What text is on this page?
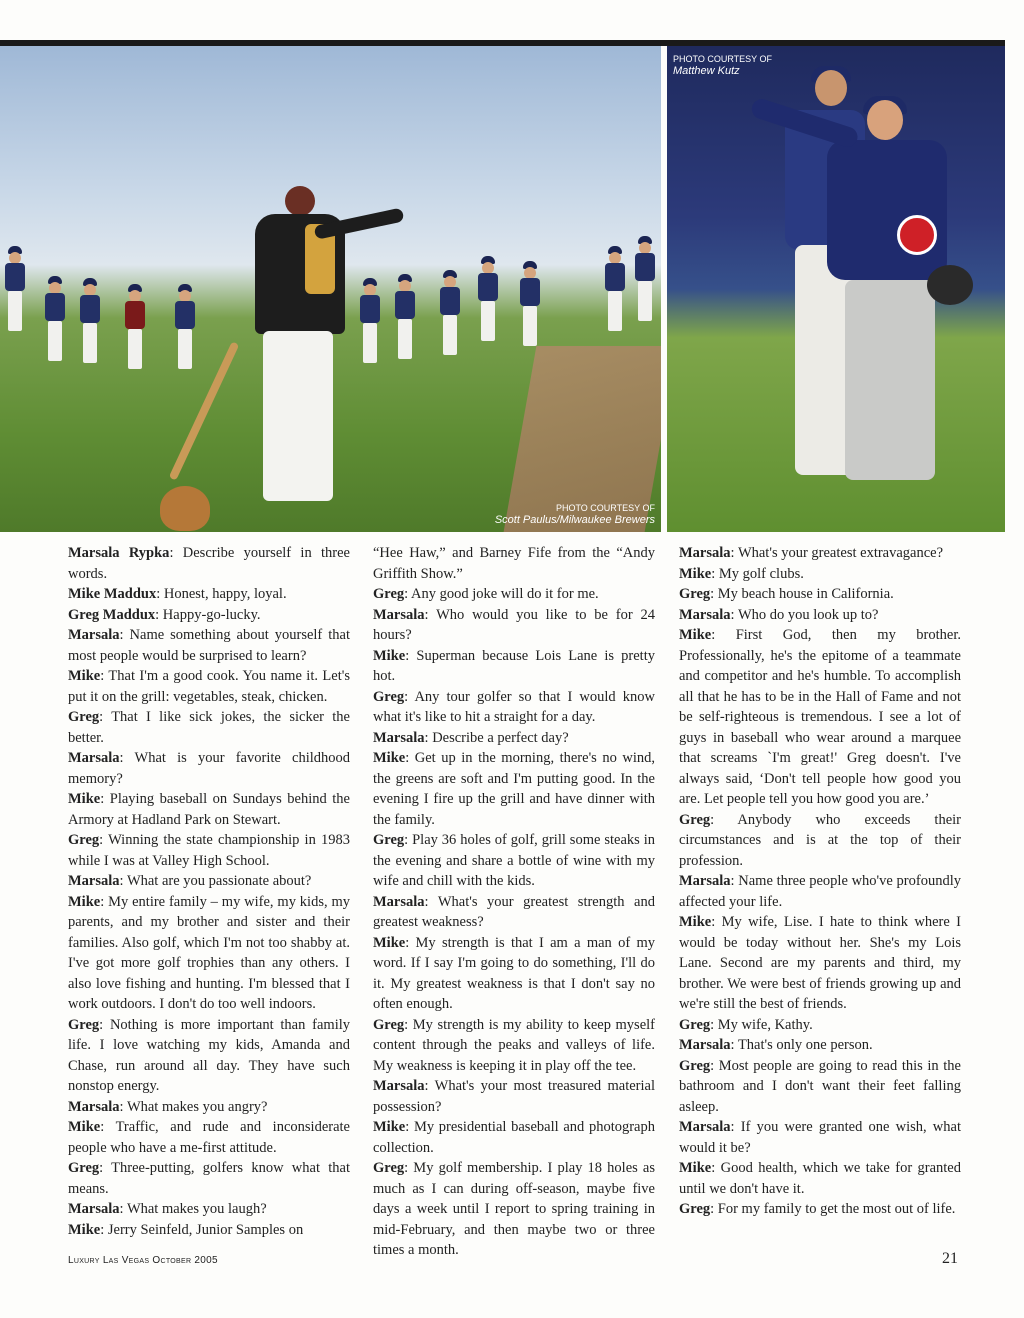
PHOTO COURTESY OF
Scott Paulus/Milwaukee Brewers
PHOTO COURTESY OF
Matthew Kutz

Marsala Rypka: Describe yourself in three words.

Mike Maddux: Honest, happy, loyal.

Greg Maddux: Happy-go-lucky.

Marsala: Name something about yourself that most people would be surprised to learn?

Mike: That I'm a good cook. You name it. Let's put it on the grill: vegetables, steak, chicken.

Greg: That I like sick jokes, the sicker the better.

Marsala: What is your favorite childhood memory?

Mike: Playing baseball on Sundays behind the Armory at Hadland Park on Stewart.

Greg: Winning the state championship in 1983 while I was at Valley High School.

Marsala: What are you passionate about?

Mike: My entire family – my wife, my kids, my parents, and my brother and sister and their families. Also golf, which I'm not too shabby at. I've got more golf trophies than any others. I also love fishing and hunting. I'm blessed that I work outdoors. I don't do too well indoors.

Greg: Nothing is more important than family life. I love watching my kids, Amanda and Chase, run around all day. They have such nonstop energy.

Marsala: What makes you angry?

Mike: Traffic, and rude and inconsiderate people who have a me-first attitude.

Greg: Three-putting, golfers know what that means.

Marsala: What makes you laugh?

Mike: Jerry Seinfeld, Junior Samples on

“Hee Haw,” and Barney Fife from the “Andy Griffith Show.”

Greg: Any good joke will do it for me.

Marsala: Who would you like to be for 24 hours?

Mike: Superman because Lois Lane is pretty hot.

Greg: Any tour golfer so that I would know what it's like to hit a straight for a day.

Marsala: Describe a perfect day?

Mike: Get up in the morning, there's no wind, the greens are soft and I'm putting good. In the evening I fire up the grill and have dinner with the family.

Greg: Play 36 holes of golf, grill some steaks in the evening and share a bottle of wine with my wife and chill with the kids.

Marsala: What's your greatest strength and greatest weakness?

Mike: My strength is that I am a man of my word. If I say I'm going to do something, I'll do it. My greatest weakness is that I don't say no often enough.

Greg: My strength is my ability to keep myself content through the peaks and valleys of life. My weakness is keeping it in play off the tee.

Marsala: What's your most treasured material possession?

Mike: My presidential baseball and photograph collection.

Greg: My golf membership. I play 18 holes as much as I can during off-season, maybe five days a week until I report to spring training in mid-February, and then maybe two or three times a month.

Marsala: What's your greatest extravagance?

Mike: My golf clubs.

Greg: My beach house in California.

Marsala: Who do you look up to?

Mike: First God, then my brother. Professionally, he's the epitome of a teammate and competitor and he's humble. To accomplish all that he has to be in the Hall of Fame and not be self-righteous is tremendous. I see a lot of guys in baseball who wear around a marquee that screams `I'm great!' Greg doesn't. I've always said, ‘Don't tell people how good you are. Let people tell you how good you are.’

Greg: Anybody who exceeds their circumstances and is at the top of their profession.

Marsala: Name three people who've profoundly affected your life.

Mike: My wife, Lise. I hate to think where I would be today without her. She's my Lois Lane. Second are my parents and third, my brother. We were best of friends growing up and we're still the best of friends.

Greg: My wife, Kathy.

Marsala: That's only one person.

Greg: Most people are going to read this in the bathroom and I don't want their feet falling asleep.

Marsala: If you were granted one wish, what would it be?

Mike: Good health, which we take for granted until we don't have it.

Greg: For my family to get the most out of life.

Luxury Las Vegas October 2005	21
